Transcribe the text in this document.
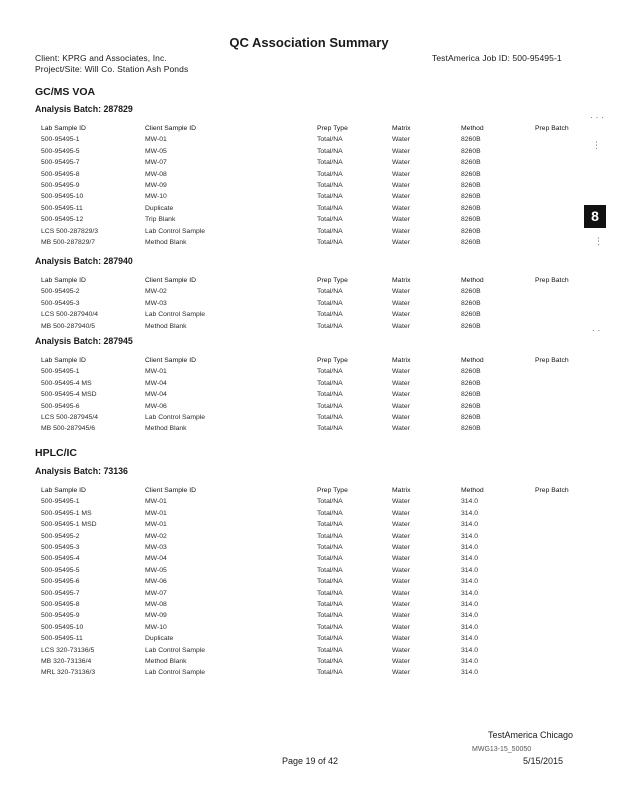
QC Association Summary
Client: KPRG and Associates, Inc.
Project/Site: Will Co. Station Ash Ponds
TestAmerica Job ID: 500-95495-1
GC/MS VOA
HPLC/IC
Analysis Batch: 287829
Lab Sample ID	Client Sample ID	Prep Type	Matrix	Method	Prep Batch
500-95495-1	MW-01	Total/NA	Water	8260B
500-95495-5	MW-05	Total/NA	Water	8260B
500-95495-7	MW-07	Total/NA	Water	8260B
500-95495-8	MW-08	Total/NA	Water	8260B
500-95495-9	MW-09	Total/NA	Water	8260B
500-95495-10	MW-10	Total/NA	Water	8260B
500-95495-11	Duplicate	Total/NA	Water	8260B
500-95495-12	Trip Blank	Total/NA	Water	8260B
LCS 500-287829/3	Lab Control Sample	Total/NA	Water	8260B
MB 500-287829/7	Method Blank	Total/NA	Water	8260B
Analysis Batch: 287940
Lab Sample ID	Client Sample ID	Prep Type	Matrix	Method	Prep Batch
500-95495-2	MW-02	Total/NA	Water	8260B
500-95495-3	MW-03	Total/NA	Water	8260B
LCS 500-287940/4	Lab Control Sample	Total/NA	Water	8260B
MB 500-287940/5	Method Blank	Total/NA	Water	8260B
Analysis Batch: 287945
Lab Sample ID	Client Sample ID	Prep Type	Matrix	Method	Prep Batch
500-95495-1	MW-01	Total/NA	Water	8260B
500-95495-4 MS	MW-04	Total/NA	Water	8260B
500-95495-4 MSD	MW-04	Total/NA	Water	8260B
500-95495-6	MW-06	Total/NA	Water	8260B
LCS 500-287945/4	Lab Control Sample	Total/NA	Water	8260B
MB 500-287945/6	Method Blank	Total/NA	Water	8260B
Analysis Batch: 73136
Lab Sample ID	Client Sample ID	Prep Type	Matrix	Method	Prep Batch
500-95495-1	MW-01	Total/NA	Water	314.0
500-95495-1 MS	MW-01	Total/NA	Water	314.0
500-95495-1 MSD	MW-01	Total/NA	Water	314.0
500-95495-2	MW-02	Total/NA	Water	314.0
500-95495-3	MW-03	Total/NA	Water	314.0
500-95495-4	MW-04	Total/NA	Water	314.0
500-95495-5	MW-05	Total/NA	Water	314.0
500-95495-6	MW-06	Total/NA	Water	314.0
500-95495-7	MW-07	Total/NA	Water	314.0
500-95495-8	MW-08	Total/NA	Water	314.0
500-95495-9	MW-09	Total/NA	Water	314.0
500-95495-10	MW-10	Total/NA	Water	314.0
500-95495-11	Duplicate	Total/NA	Water	314.0
LCS 320-73136/5	Lab Control Sample	Total/NA	Water	314.0
MB 320-73136/4	Method Blank	Total/NA	Water	314.0
MRL 320-73136/3	Lab Control Sample	Total/NA	Water	314.0
8
· · ·
⋮
⋮
· ·
TestAmerica Chicago
MWG13-15_50050
Page 19 of 42	5/15/2015
